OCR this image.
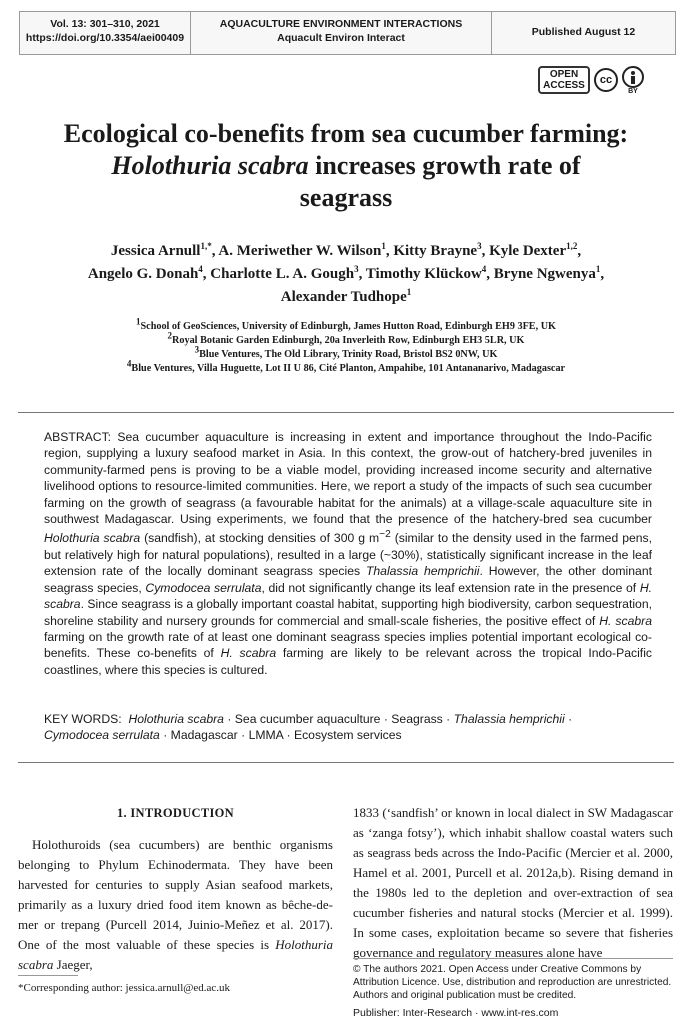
Vol. 13: 301–310, 2021
https://doi.org/10.3354/aei00409
AQUACULTURE ENVIRONMENT INTERACTIONS
Aquacult Environ Interact	Published August 12
OPEN
ACCESS cc
BY
Ecological co-benefits from sea cucumber farming:
Holothuria scabra increases growth rate of
seagrass
Jessica Arnull$^{1,*}$, A. Meriwether W. Wilson$^1$, Kitty Brayne$^3$, Kyle Dexter$^{1,2}$,
Angelo G. Donah$^4$, Charlotte L. A. Gough$^3$, Timothy Klückow$^4$, Bryne Ngwenya$^1$,
Alexander Tudhope$^1$
$^1$School of GeoSciences, University of Edinburgh, James Hutton Road, Edinburgh EH9 3FE, UK
$^2$Royal Botanic Garden Edinburgh, 20a Inverleith Row, Edinburgh EH3 5LR, UK
$^3$Blue Ventures, The Old Library, Trinity Road, Bristol BS2 0NW, UK
$^4$Blue Ventures, Villa Huguette, Lot II U 86, Cité Planton, Ampahibe, 101 Antananarivo, Madagascar
ABSTRACT: Sea cucumber aquaculture is increasing in extent and importance throughout the Indo-Pacific region, supplying a luxury seafood market in Asia. In this context, the grow-out of hatchery-bred juveniles in community-farmed pens is proving to be a viable model, providing increased income security and alternative livelihood options to resource-limited communities. Here, we report a study of the impacts of such sea cucumber farming on the growth of seagrass (a favourable habitat for the animals) at a village-scale aquaculture site in southwest Madagascar. Using experiments, we found that the presence of the hatchery-bred sea cucumber Holothuria scabra (sandfish), at stocking densities of 300 g $m^{-2}$ (similar to the density used in the farmed pens, but relatively high for natural populations), resulted in a large (~30%), statistically significant increase in the leaf extension rate of the locally dominant seagrass species Thalassia hemprichii. However, the other dominant seagrass species, Cymodocea serrulata, did not significantly change its leaf extension rate in the presence of H. scabra. Since seagrass is a globally important coastal habitat, supporting high biodiversity, carbon sequestration, shoreline stability and nursery grounds for commercial and small-scale fisheries, the positive effect of H. scabra farming on the growth rate of at least one dominant seagrass species implies potential important ecological co-benefits. These co-benefits of H. scabra farming are likely to be relevant across the tropical Indo-Pacific coastlines, where this species is cultured.
KEY WORDS: Holothuria scabra · Sea cucumber aquaculture · Seagrass · Thalassia hemprichii ·
Cymodocea serrulata · Madagascar · LMMA · Ecosystem services
1. INTRODUCTION

Holothuroids (sea cucumbers) are benthic organisms belonging to Phylum Echinodermata. They have been harvested for centuries to supply Asian seafood markets, primarily as a luxury dried food item known as bêche-de-mer or trepang (Purcell 2014, Juinio-Meñez et al. 2017). One of the most valuable of these species is Holothuria scabra Jaeger,

1833 (‘sandfish’ or known in local dialect in SW Madagascar as ‘zanga fotsy’), which inhabit shallow coastal waters such as seagrass beds across the Indo-Pacific (Mercier et al. 2000, Hamel et al. 2001, Purcell et al. 2012a,b). Rising demand in the 1980s led to the depletion and over-extraction of sea cucumber fisheries and natural stocks (Mercier et al. 1999). In some cases, exploitation became so severe that fisheries governance and regulatory measures alone have

*Corresponding author: jessica.arnull@ed.ac.uk
© The authors 2021. Open Access under Creative Commons by Attribution Licence. Use, distribution and reproduction are unrestricted. Authors and original publication must be credited.
Publisher: Inter-Research · www.int-res.com
